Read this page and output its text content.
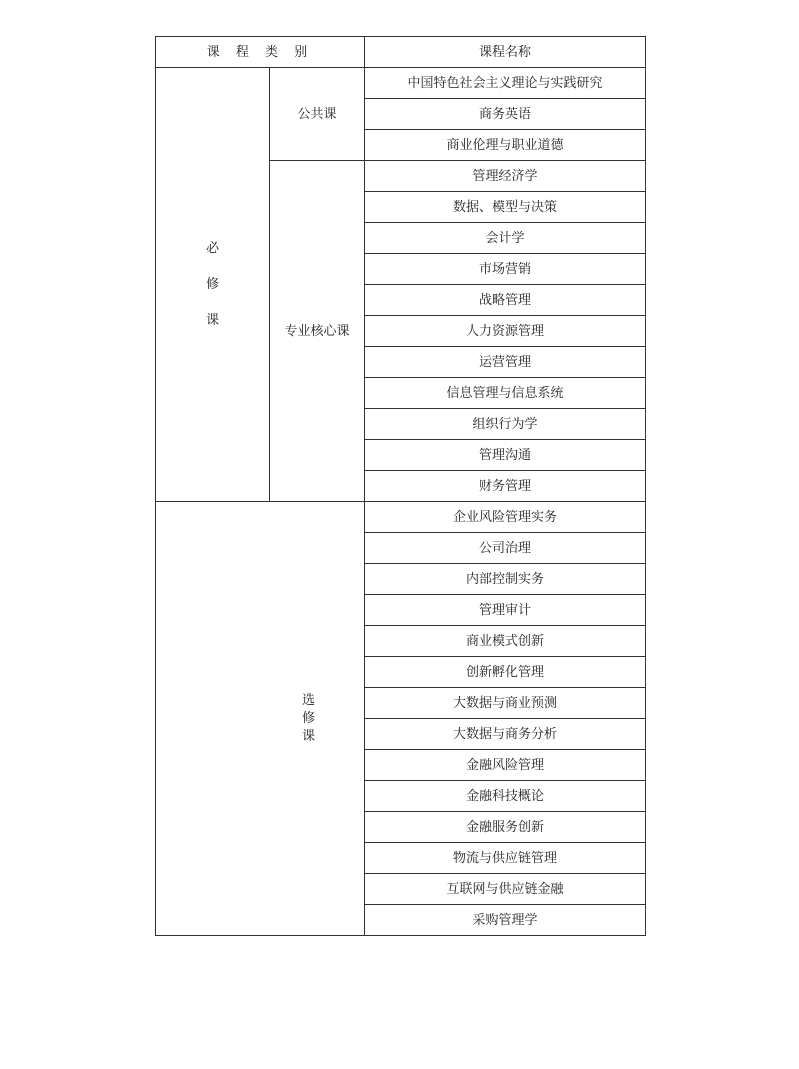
课 程 类 别		课程名称

必
修
课	公共课	中国特色社会主义理论与实践研究
		商务英语
		商业伦理与职业道德
	专业核心课	管理经济学
		数据、模型与决策
		会计学
		市场营销
		战略管理
		人力资源管理
		运营管理
		信息管理与信息系统
		组织行为学
		管理沟通
		财务管理

选
修
课		企业风险管理实务
		公司治理
		内部控制实务
		管理审计
		商业模式创新
		创新孵化管理
		大数据与商业预测
		大数据与商务分析
		金融风险管理
		金融科技概论
		金融服务创新
		物流与供应链管理
		互联网与供应链金融
		采购管理学
